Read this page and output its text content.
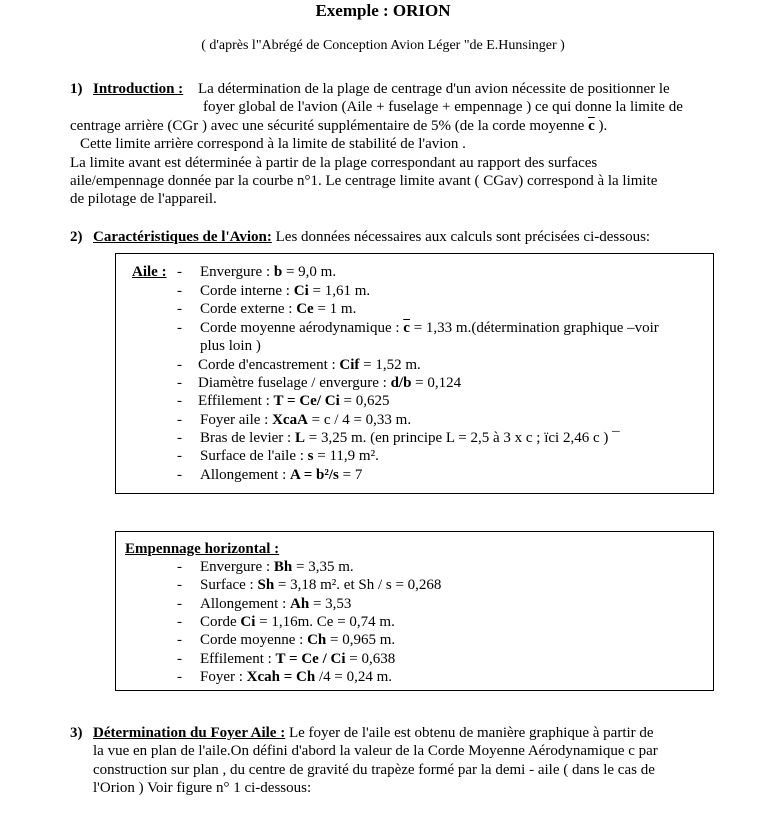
Exemple : ORION
( d'après l"Abrégé de Conception Avion Léger "de E.Hunsinger )
1) Introduction : La détermination de la plage de centrage d'un avion nécessite de positionner le
foyer global de l'avion (Aile + fuselage + empennage ) ce qui donne la limite de
centrage arrière (CGr ) avec une sécurité supplémentaire de 5% (de la corde moyenne $\overline{c}$ ).
Cette limite arrière correspond à la limite de stabilité de l'avion .
La limite avant est déterminée à partir de la plage correspondant au rapport des surfaces
aile/empennage donnée par la courbe n°1. Le centrage limite avant ( CGav) correspond à la limite
de pilotage de l'appareil.
2) Caractéristiques de l'Avion: Les données nécessaires aux calculs sont précisées ci-dessous:
Aile : -	Envergure : b = 9,0 m.
-	Corde interne : Ci = 1,61 m.
-	Corde externe : Ce = 1 m.
-	Corde moyenne aérodynamique : $\overline{c} = 1,33$ m.(détermination graphique –voir
plus loin )
-	Corde d'encastrement : Cif = 1,52 m.
-	Diamètre fuselage / envergure : d/b = 0,124
-	Effilement : T = Ce/ Ci = 0,625
-	Foyer aile : XcaA = c / 4 = 0,33 m.
-	Bras de levier : L = 3,25 m. (en principe L = 2,5 à 3 x c ; ïci 2,46 c ) ¯
-	Surface de l'aile : s = 11,9 m².
-	Allongement : A = b²/s = 7
Empennage horizontal :
-	Envergure : Bh = 3,35 m.
-	Surface : Sh = 3,18 m². et Sh / s = 0,268
-	Allongement : Ah = 3,53
-	Corde Ci = 1,16m. Ce = 0,74 m.
-	Corde moyenne : Ch = 0,965 m.
-	Effilement : T = Ce / Ci = 0,638
-	Foyer : Xcah = Ch /4 = 0,24 m.
3) Détermination du Foyer Aile : Le foyer de l'aile est obtenu de manière graphique à partir de
la vue en plan de l'aile.On défini d'abord la valeur de la Corde Moyenne Aérodynamique c par
construction sur plan , du centre de gravité du trapèze formé par la demi - aile ( dans le cas de
l'Orion ) Voir figure n° 1 ci-dessous:
